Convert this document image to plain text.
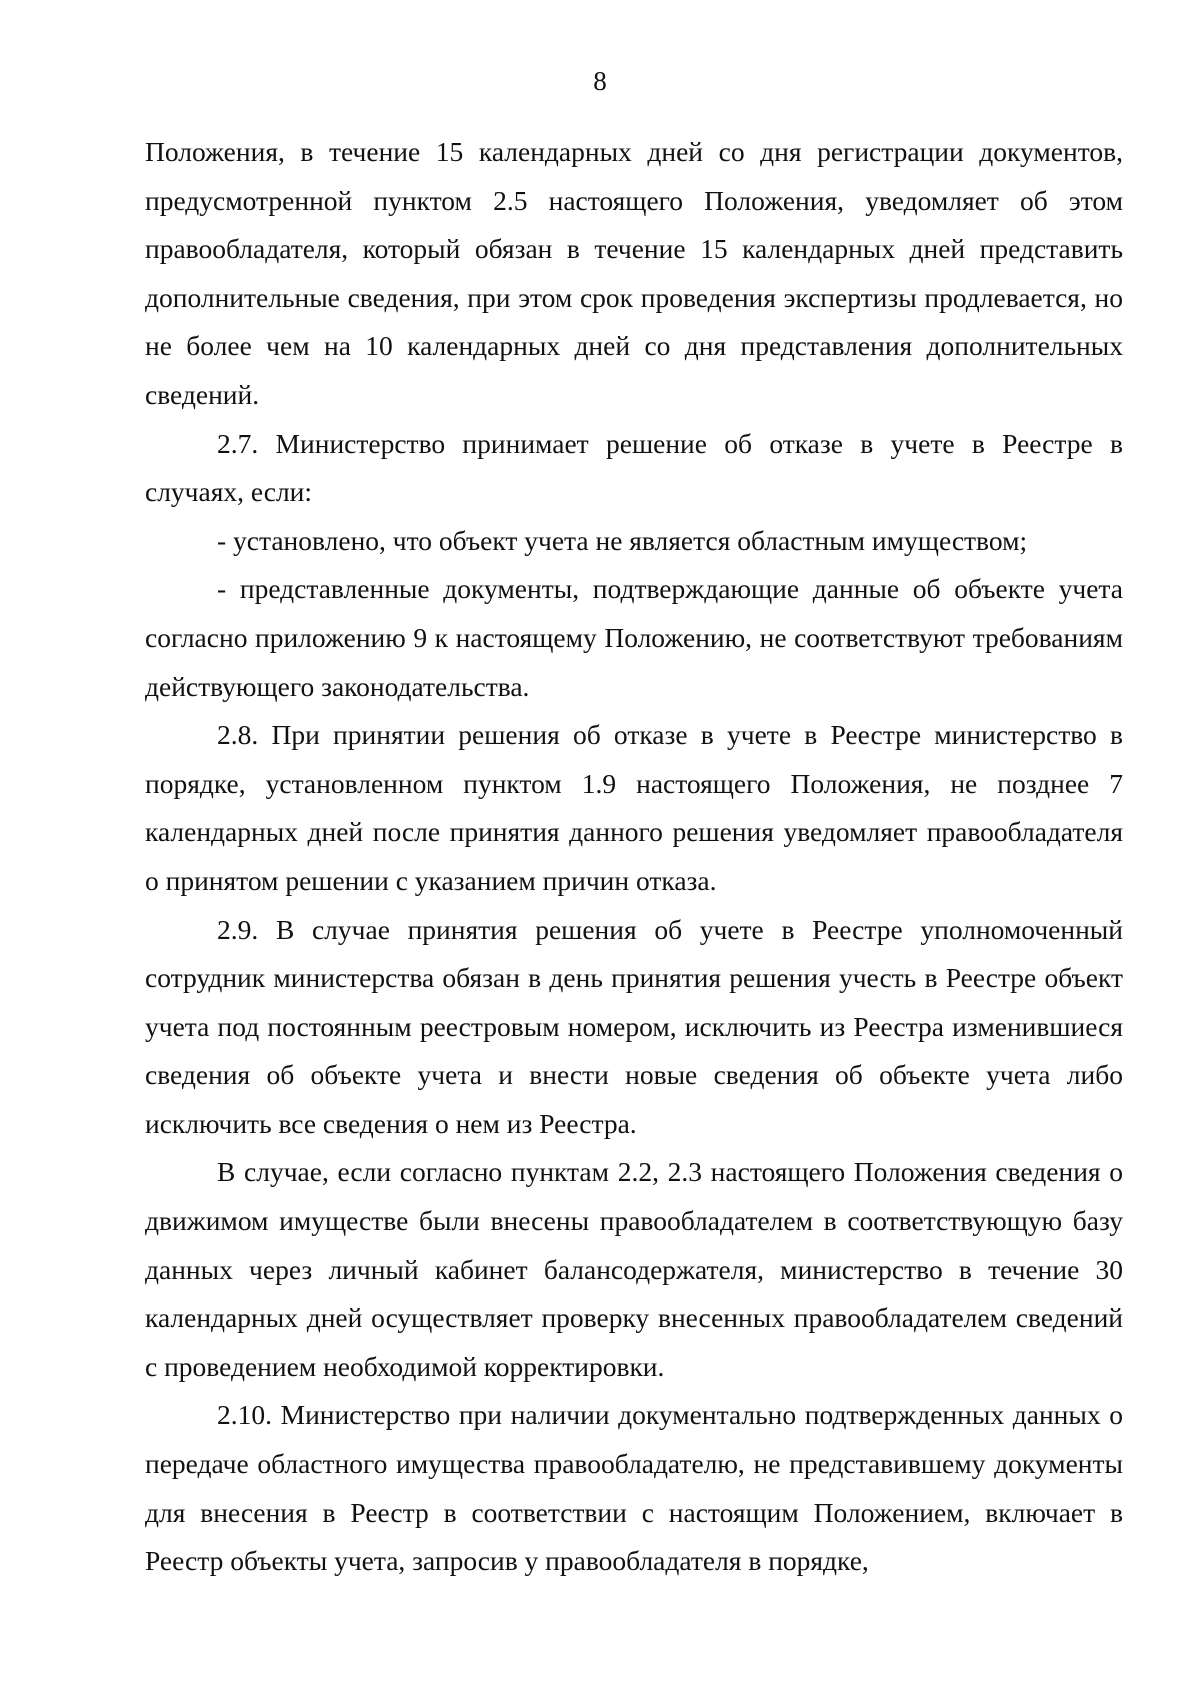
8

Положения, в течение 15 календарных дней со дня регистрации документов, предусмотренной пунктом 2.5 настоящего Положения, уведомляет об этом правообладателя, который обязан в течение 15 календарных дней представить дополнительные сведения, при этом срок проведения экспертизы продлевается, но не более чем на 10 календарных дней со дня представления дополнительных сведений.

2.7. Министерство принимает решение об отказе в учете в Реестре в случаях, если:

- установлено, что объект учета не является областным имуществом;

- представленные документы, подтверждающие данные об объекте учета согласно приложению 9 к настоящему Положению, не соответствуют требованиям действующего законодательства.

2.8. При принятии решения об отказе в учете в Реестре министерство в порядке, установленном пунктом 1.9 настоящего Положения, не позднее 7 календарных дней после принятия данного решения уведомляет правообладателя о принятом решении с указанием причин отказа.

2.9. В случае принятия решения об учете в Реестре уполномоченный сотрудник министерства обязан в день принятия решения учесть в Реестре объект учета под постоянным реестровым номером, исключить из Реестра изменившиеся сведения об объекте учета и внести новые сведения об объекте учета либо исключить все сведения о нем из Реестра.

В случае, если согласно пунктам 2.2, 2.3 настоящего Положения сведения о движимом имуществе были внесены правообладателем в соответствующую базу данных через личный кабинет балансодержателя, министерство в течение 30 календарных дней осуществляет проверку внесенных правообладателем сведений с проведением необходимой корректировки.

2.10. Министерство при наличии документально подтвержденных данных о передаче областного имущества правообладателю, не представившему документы для внесения в Реестр в соответствии с настоящим Положением, включает в Реестр объекты учета, запросив у правообладателя в порядке,
